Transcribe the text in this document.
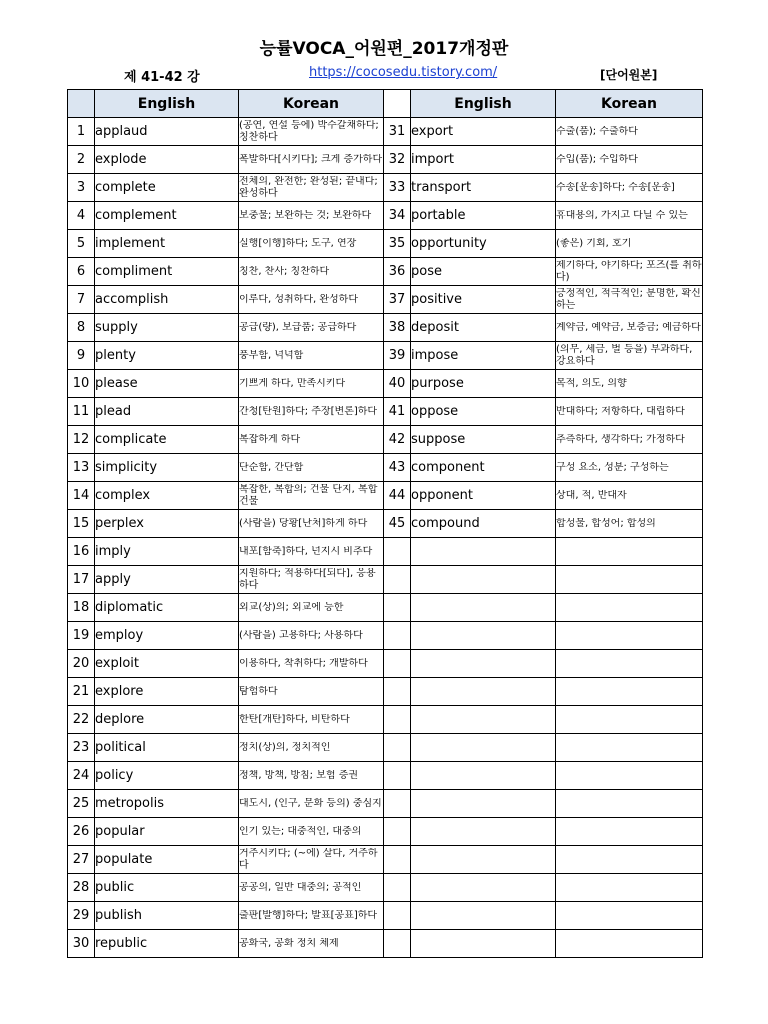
능률VOCA_어원편_2017개정판
제 41-42 강	https://cocosedu.tistory.com/	[단어원본]
	English	Korean		English	Korean
1	applaud	(공연, 연설 등에) 박수갈채하다; 칭찬하다	31	export	수출(품); 수출하다

2	explode	폭발하다[시키다]; 크게 증가하다	32	import	수입(품); 수입하다

3	complete	전체의, 완전한; 완성된; 끝내다; 완성하다	33	transport	수송[운송]하다; 수송[운송]

4	complement	보충물; 보완하는 것; 보완하다	34	portable	휴대용의, 가지고 다닐 수 있는

5	implement	실행[이행]하다; 도구, 연장	35	opportunity	(좋은) 기회, 호기

6	compliment	칭찬, 찬사; 칭찬하다	36	pose	제기하다, 야기하다; 포즈(를 취하다)

7	accomplish	이루다, 성취하다, 완성하다	37	positive	긍정적인, 적극적인; 분명한, 확신하는

8	supply	공급(량), 보급품; 공급하다	38	deposit	계약금, 예약금, 보증금; 예금하다

9	plenty	풍부함, 넉넉함	39	impose	(의무, 세금, 벌 등을) 부과하다, 강요하다

10	please	기쁘게 하다, 만족시키다	40	purpose	목적, 의도, 의향

11	plead	간청[탄원]하다; 주장[변론]하다	41	oppose	반대하다; 저항하다, 대립하다

12	complicate	복잡하게 하다	42	suppose	추측하다, 생각하다; 가정하다

13	simplicity	단순함, 간단함	43	component	구성 요소, 성분; 구성하는

14	complex	복잡한, 복합의; 건물 단지, 복합건물	44	opponent	상대, 적, 반대자

15	perplex	(사람을) 당황[난처]하게 하다	45	compound	합성물, 합성어; 합성의

16	imply	내포[함축]하다, 넌지시 비추다			

17	apply	지원하다; 적용하다[되다], 응용하다			

18	diplomatic	외교(상)의; 외교에 능한			

19	employ	(사람을) 고용하다; 사용하다			

20	exploit	이용하다, 착취하다; 개발하다			

21	explore	탐험하다			

22	deplore	한탄[개탄]하다, 비탄하다			

23	political	정치(상)의, 정치적인			

24	policy	정책, 방책, 방침; 보험 증권			

25	metropolis	대도시, (인구, 문화 등의) 중심지			

26	popular	인기 있는; 대중적인, 대중의			

27	populate	거주시키다; (~에) 살다, 거주하다			

28	public	공공의, 일반 대중의; 공적인			

29	publish	출판[발행]하다; 발표[공표]하다			

30	republic	공화국, 공화 정치 체제			
